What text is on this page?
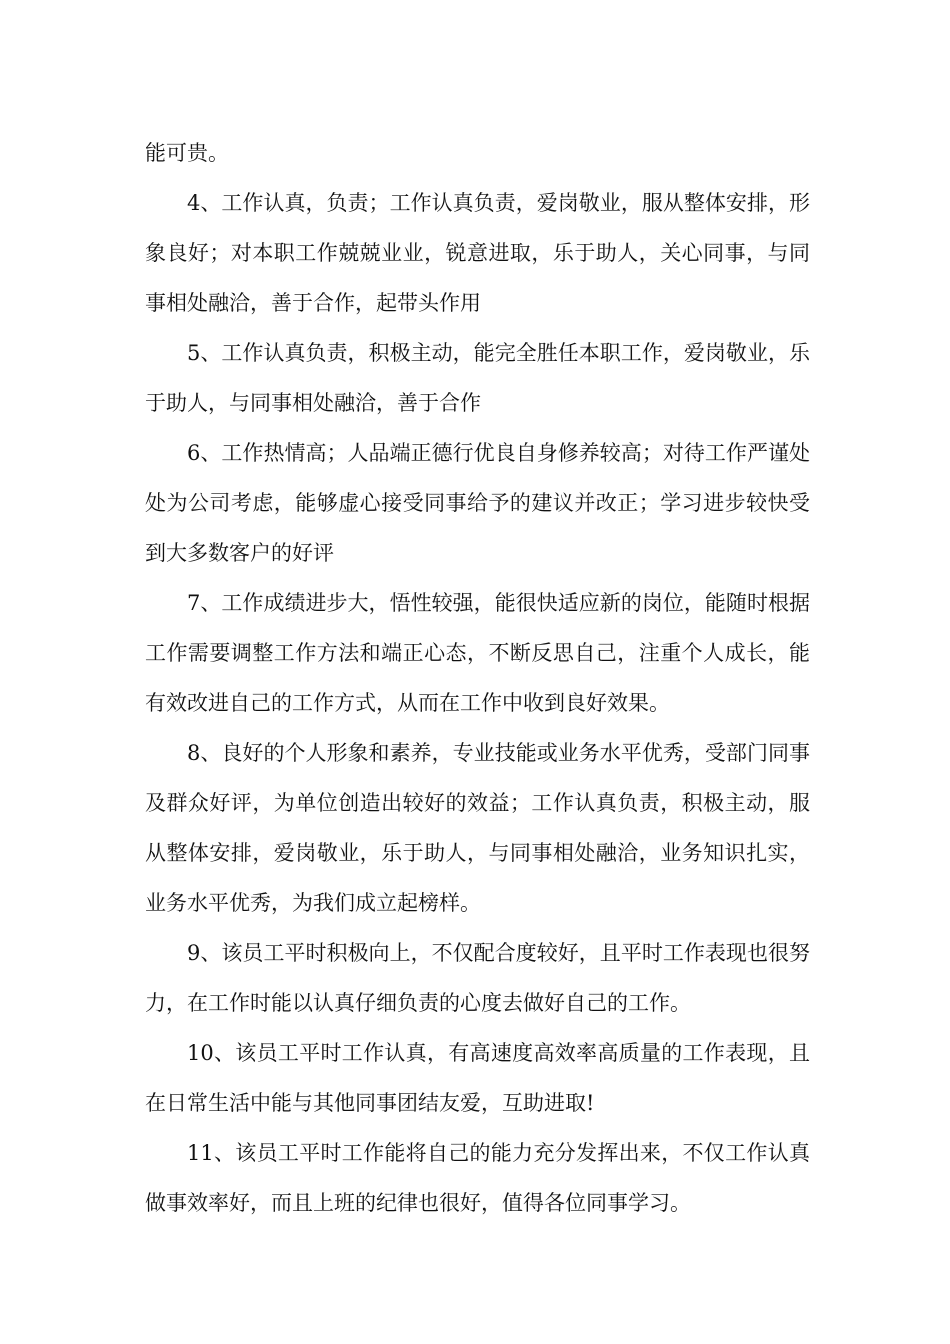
能可贵。

4、工作认真，负责；工作认真负责，爱岗敬业，服从整体安排，形象良好；对本职工作兢兢业业，锐意进取，乐于助人，关心同事，与同事相处融洽，善于合作，起带头作用

5、工作认真负责，积极主动，能完全胜任本职工作，爱岗敬业，乐于助人，与同事相处融洽，善于合作

6、工作热情高；人品端正德行优良自身修养较高；对待工作严谨处处为公司考虑，能够虚心接受同事给予的建议并改正；学习进步较快受到大多数客户的好评

7、工作成绩进步大，悟性较强，能很快适应新的岗位，能随时根据工作需要调整工作方法和端正心态，不断反思自己，注重个人成长，能有效改进自己的工作方式，从而在工作中收到良好效果。

8、良好的个人形象和素养，专业技能或业务水平优秀，受部门同事及群众好评，为单位创造出较好的效益；工作认真负责，积极主动，服从整体安排，爱岗敬业，乐于助人，与同事相处融洽，业务知识扎实，业务水平优秀，为我们成立起榜样。

9、该员工平时积极向上，不仅配合度较好，且平时工作表现也很努力，在工作时能以认真仔细负责的心度去做好自己的工作。

10、该员工平时工作认真，有高速度高效率高质量的工作表现，且在日常生活中能与其他同事团结友爱，互助进取!

11、该员工平时工作能将自己的能力充分发挥出来，不仅工作认真做事效率好，而且上班的纪律也很好，值得各位同事学习。
